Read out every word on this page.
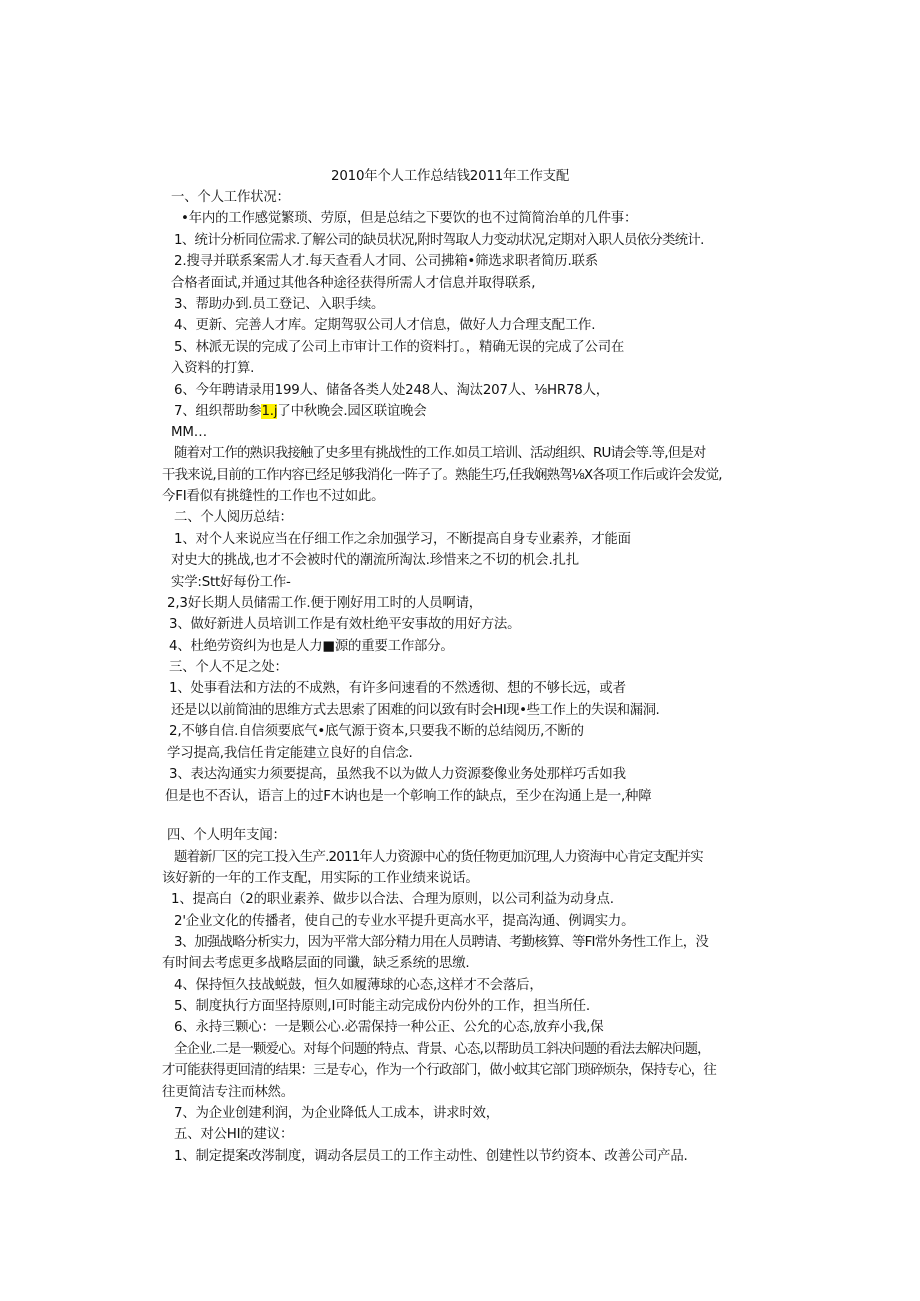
2010年个人工作总结钱2011年工作支配
一、个人工作状况：
•年内的工作感觉繁琐、劳原，但是总结之下要饮的也不过简简治单的几件事：
1、统计分析同位需求.了解公司的缺员状况,附时驾取人力变动状况,定期对入职人员依分类统计.
2.搜寻并联系案需人才.每天查看人才同、公司拂箱•筛选求职者简历.联系
合格者面试,并通过其他各种途径获得所需人才信息并取得联系,
3、帮助办到.员工登记、入职手续。
4、更新、完善人才库。定期驾驭公司人才信息，做好人力合理支配工作.
5、林派无误的完成了公司上市审计工作的资料打。，精确无误的完成了公司在
入资料的打算.
6、今年聘请录用199人、储备各类人处248人、淘汰207人、⅛HR78人，
7、组织帮助参1.j了中秋晚会.园区联谊晚会
MM…
随着对工作的熟识我接触了史多里有挑战性的工作.如员工培训、活动组织、RU请会等.等,但是对
干我来说,目前的工作内容已经足够我消化一阵子了。熟能生巧,任我娴熟驾⅛X各项工作后或许会发觉,
今FI看似有挑缝性的工作也不过如此。
二、个人阅历总结：
1、对个人来说应当在仔细工作之余加强学习，不断提高自身专业素养，才能面
对史大的挑战,也才不会被时代的潮流所淘汰.珍惜来之不切的机会.扎扎
实学:Stt好每份工作-
2,3好长期人员储需工作.便于刚好用工时的人员啊请，
3、做好新进人员培训工作是有效杜绝平安事故的用好方法。
4、杜绝劳资纠为也是人力■源的重要工作部分。
三、个人不足之处：
1、处事看法和方法的不成熟，有许多问速看的不然透彻、想的不够长远，或者
还是以以前简油的思维方式去思索了困难的问以致有时会HI现•些工作上的失误和漏洞.
2,不够自信.自信须要底气•底气源于资本,只要我不断的总结阅历,不断的
学习提高,我信任肯定能建立良好的自信念.
3、表达沟通实力须要提高，虽然我不以为做人力资源婺像业务处那样巧舌如我
但是也不否认，语言上的过F木讷也是一个彰响工作的缺点，至少在沟通上是一,种障
四、个人明年支闻：
题着新厂区的完工投入生产.2011年人力资源中心的货任物更加沉理,人力资海中心肯定支配并实
该好新的一年的工作支配，用实际的工作业绩来说话。
1、提高白（2的职业素养、做步以合法、合理为原则，以公司利益为动身点.
2'企业文化的传播者，使自己的专业水平提升更高水平，提高沟通、例调实力。
3、加强战略分析实力，因为平常大部分精力用在人员聘请、考勤核算、等FI常外务性工作上，没
有时间去考虑更多战略层面的同谶，缺乏系统的思缴.
4、保持恒久技战蜕鼓，恒久如履薄球的心态,这样才不会落后，
5、制度执行方面坚持原则,I可时能主动完成份内份外的工作，担当所任.
6、永持三颗心：一是颗公心.必需保持一种公正、公允的心态,放弃小我,保
全企业.二是一颗爱心。对每个问题的特点、背景、心态,以帮助员工斜决问题的看法去解决问题，
才可能获得更回清的结果：三是专心，作为一个行政部门，做小蚊其它部门琐碎烦杂，保持专心，往
往更简洁专注而林然。
7、为企业创建利润，为企业降低人工成本，讲求时效，
五、对公HI的建议：
1、制定提案改涔制度，调动各层员工的工作主动性、创建性以节约资本、改善公司产品.
